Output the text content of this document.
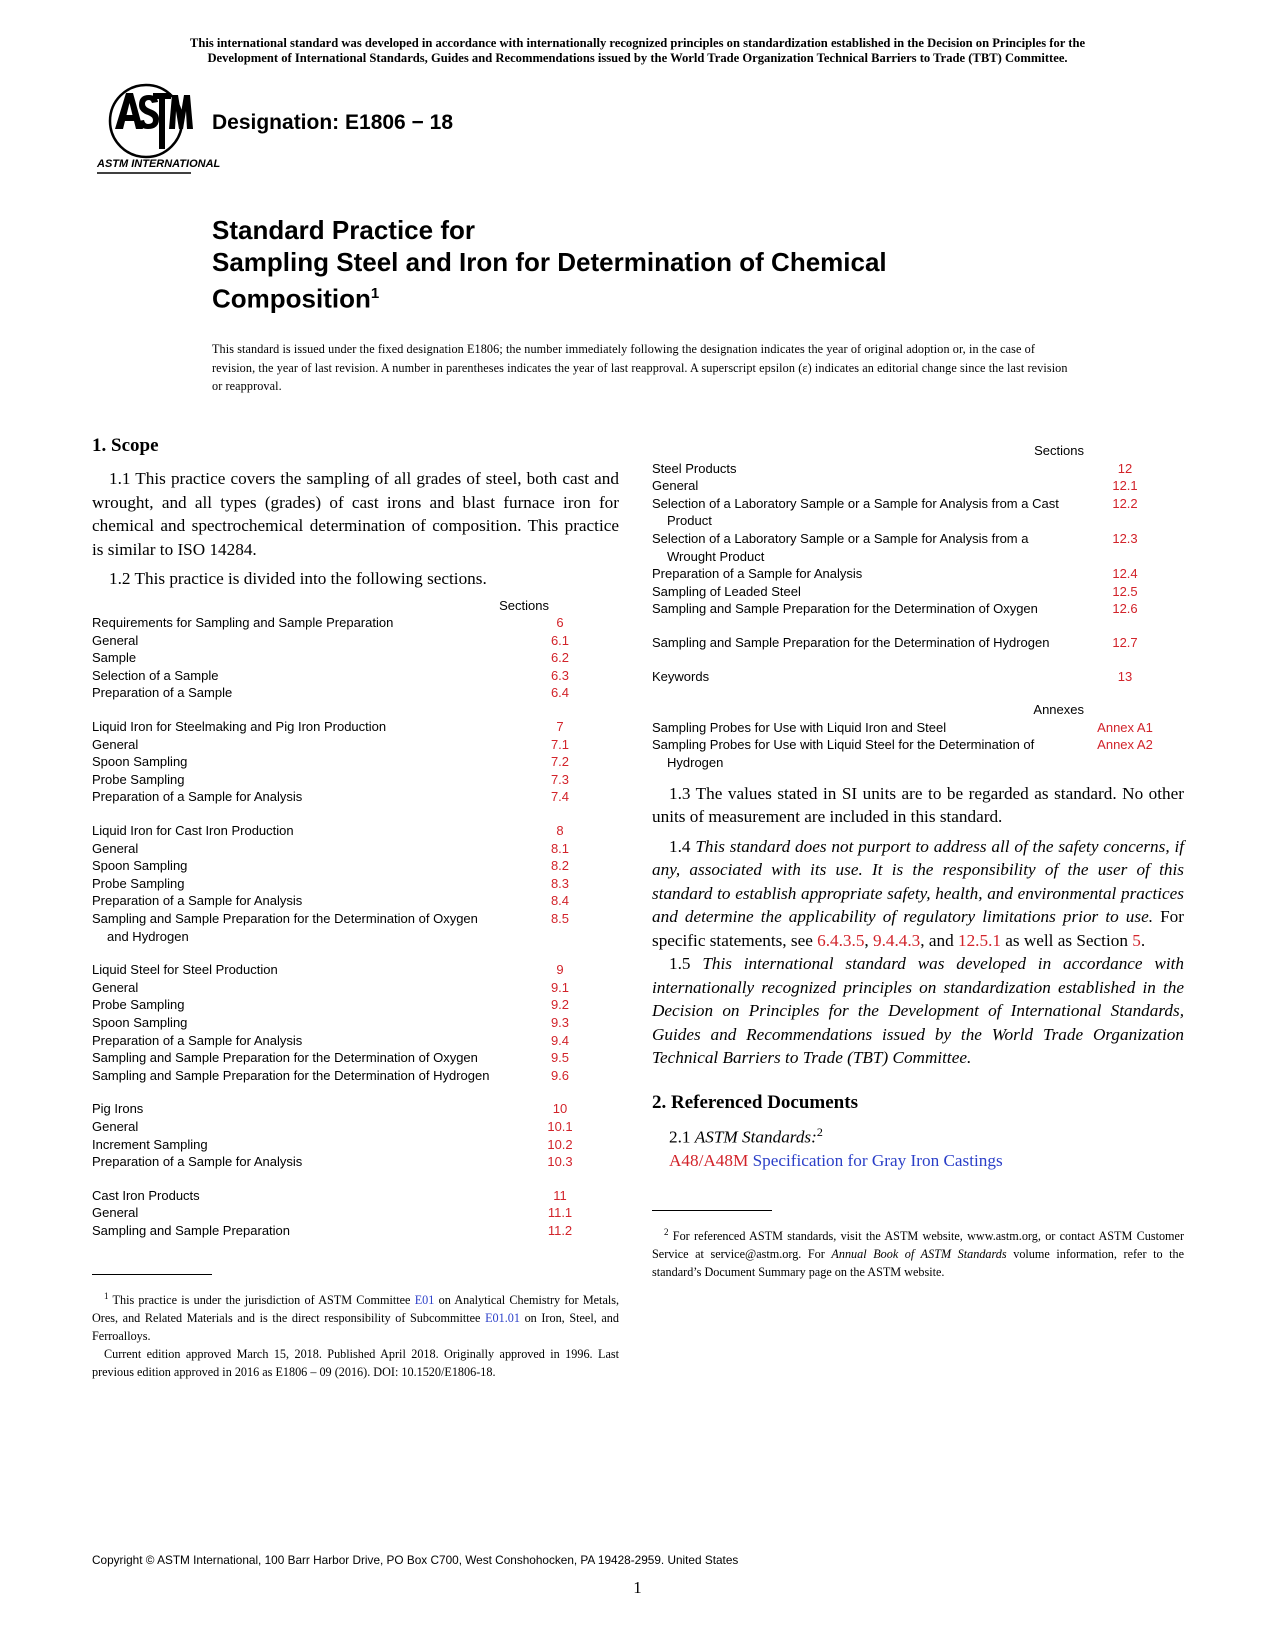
This international standard was developed in accordance with internationally recognized principles on standardization established in the Decision on Principles for the
Development of International Standards, Guides and Recommendations issued by the World Trade Organization Technical Barriers to Trade (TBT) Committee.
ASTM INTERNATIONAL
Designation: E1806 − 18
Standard Practice for
Sampling Steel and Iron for Determination of Chemical
Composition$^1$
This standard is issued under the fixed designation E1806; the number immediately following the designation indicates the year of original adoption or, in the case of revision, the year of last revision. A number in parentheses indicates the year of last reapproval. A superscript epsilon (ε) indicates an editorial change since the last revision or reapproval.
1. Scope

1.1 This practice covers the sampling of all grades of steel, both cast and wrought, and all types (grades) of cast irons and blast furnace iron for chemical and spectrochemical determination of composition. This practice is similar to ISO 14284.

1.2 This practice is divided into the following sections.

Sections
Requirements for Sampling and Sample Preparation	6
General	6.1
Sample	6.2
Selection of a Sample	6.3
Preparation of a Sample	6.4

Liquid Iron for Steelmaking and Pig Iron Production	7
General	7.1
Spoon Sampling	7.2
Probe Sampling	7.3
Preparation of a Sample for Analysis	7.4

Liquid Iron for Cast Iron Production	8
General	8.1
Spoon Sampling	8.2
Probe Sampling	8.3
Preparation of a Sample for Analysis	8.4
Sampling and Sample Preparation for the Determination of Oxygen and Hydrogen	8.5

Liquid Steel for Steel Production	9
General	9.1
Probe Sampling	9.2
Spoon Sampling	9.3
Preparation of a Sample for Analysis	9.4
Sampling and Sample Preparation for the Determination of Oxygen	9.5
Sampling and Sample Preparation for the Determination of Hydrogen	9.6

Pig Irons	10
General	10.1
Increment Sampling	10.2
Preparation of a Sample for Analysis	10.3

Cast Iron Products	11
General	11.1
Sampling and Sample Preparation	11.2

$^1$ This practice is under the jurisdiction of ASTM Committee E01 on Analytical Chemistry for Metals, Ores, and Related Materials and is the direct responsibility of Subcommittee E01.01 on Iron, Steel, and Ferroalloys.

Current edition approved March 15, 2018. Published April 2018. Originally approved in 1996. Last previous edition approved in 2016 as E1806 – 09 (2016). DOI: 10.1520/E1806-18.

Sections
Steel Products	12
General	12.1
Selection of a Laboratory Sample or a Sample for Analysis from a Cast Product	12.2
Selection of a Laboratory Sample or a Sample for Analysis from a Wrought Product	12.3
Preparation of a Sample for Analysis	12.4
Sampling of Leaded Steel	12.5
Sampling and Sample Preparation for the Determination of Oxygen	12.6

Sampling and Sample Preparation for the Determination of Hydrogen	12.7

Keywords	13
Annexes
Sampling Probes for Use with Liquid Iron and Steel	Annex A1
Sampling Probes for Use with Liquid Steel for the Determination of Hydrogen	Annex A2

1.3 The values stated in SI units are to be regarded as standard. No other units of measurement are included in this standard.

1.4 This standard does not purport to address all of the safety concerns, if any, associated with its use. It is the responsibility of the user of this standard to establish appropriate safety, health, and environmental practices and determine the applicability of regulatory limitations prior to use. For specific statements, see 6.4.3.5, 9.4.4.3, and 12.5.1 as well as Section 5.

1.5 This international standard was developed in accordance with internationally recognized principles on standardization established in the Decision on Principles for the Development of International Standards, Guides and Recommendations issued by the World Trade Organization Technical Barriers to Trade (TBT) Committee.

2. Referenced Documents

2.1 ASTM Standards:$^2$

A48/A48M Specification for Gray Iron Castings

$^2$ For referenced ASTM standards, visit the ASTM website, www.astm.org, or contact ASTM Customer Service at service@astm.org. For Annual Book of ASTM Standards volume information, refer to the standard’s Document Summary page on the ASTM website.

Copyright © ASTM International, 100 Barr Harbor Drive, PO Box C700, West Conshohocken, PA 19428-2959. United States
1
